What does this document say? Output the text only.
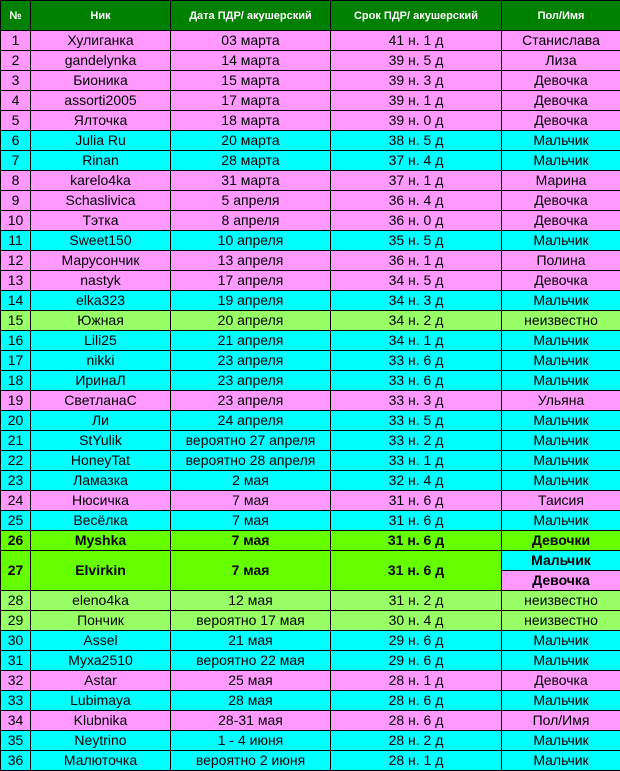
№	Ник	Дата ПДР/ акушерский	Срок ПДР/ акушерский	Пол/Имя
1	Хулиганка	03 марта	41 н. 1 д	Станислава
2	gandelynka	14 марта	39 н. 5 д	Лиза
3	Бионика	15 марта	39 н. 3 д	Девочка
4	assorti2005	17 марта	39 н. 1 д	Девочка
5	Ялточка	18 марта	39 н. 0 д	Девочка
6	Julia Ru	20 марта	38 н. 5 д	Мальчик
7	Rinan	28 марта	37 н. 4 д	Мальчик
8	karelo4ka	31 марта	37 н. 1 д	Марина
9	Schaslivica	5 апреля	36 н. 4 д	Девочка
10	Тэтка	8 апреля	36 н. 0 д	Девочка
11	Sweet150	10 апреля	35 н. 5 д	Мальчик
12	Марусончик	13 апреля	36 н. 1 д	Полина
13	nastyk	17 апреля	34 н. 5 д	Девочка
14	elka323	19 апреля	34 н. 3 д	Мальчик
15	Южная	20 апреля	34 н. 2 д	неизвестно
16	Lili25	21 апреля	34 н. 1 д	Мальчик
17	nikki	23 апреля	33 н. 6 д	Мальчик
18	ИринаЛ	23 апреля	33 н. 6 д	Мальчик
19	СветланаС	23 апреля	33 н. 3 д	Ульяна
20	Ли	24 апреля	33 н. 5 д	Мальчик
21	StYulik	вероятно 27 апреля	33 н. 2 д	Мальчик
22	HoneyTat	вероятно 28 апреля	33 н. 1 д	Мальчик
23	Ламазка	2 мая	32 н. 4 д	Мальчик
24	Нюсичка	7 мая	31 н. 6 д	Таисия
25	Весёлка	7 мая	31 н. 6 д	Мальчик
26	Myshka	7 мая	31 н. 6 д	Девочки
27	Elvirkin	7 мая	31 н. 6 д	Мальчик
				Девочка
28	eleno4ka	12 мая	31 н. 2 д	неизвестно
29	Пончик	вероятно 17 мая	30 н. 4 д	неизвестно
30	Assel	21 мая	29 н. 6 д	Мальчик
31	Муха2510	вероятно 22 мая	29 н. 6 д	Мальчик
32	Astar	25 мая	28 н. 1 д	Девочка
33	Lubimaya	28 мая	28 н. 6 д	Мальчик
34	Klubnika	28-31 мая	28 н. 6 д	Пол/Имя
35	Neytrino	1 - 4 июня	28 н. 2 д	Мальчик
36	Малюточка	вероятно 2 июня	28 н. 1 д	Мальчик
